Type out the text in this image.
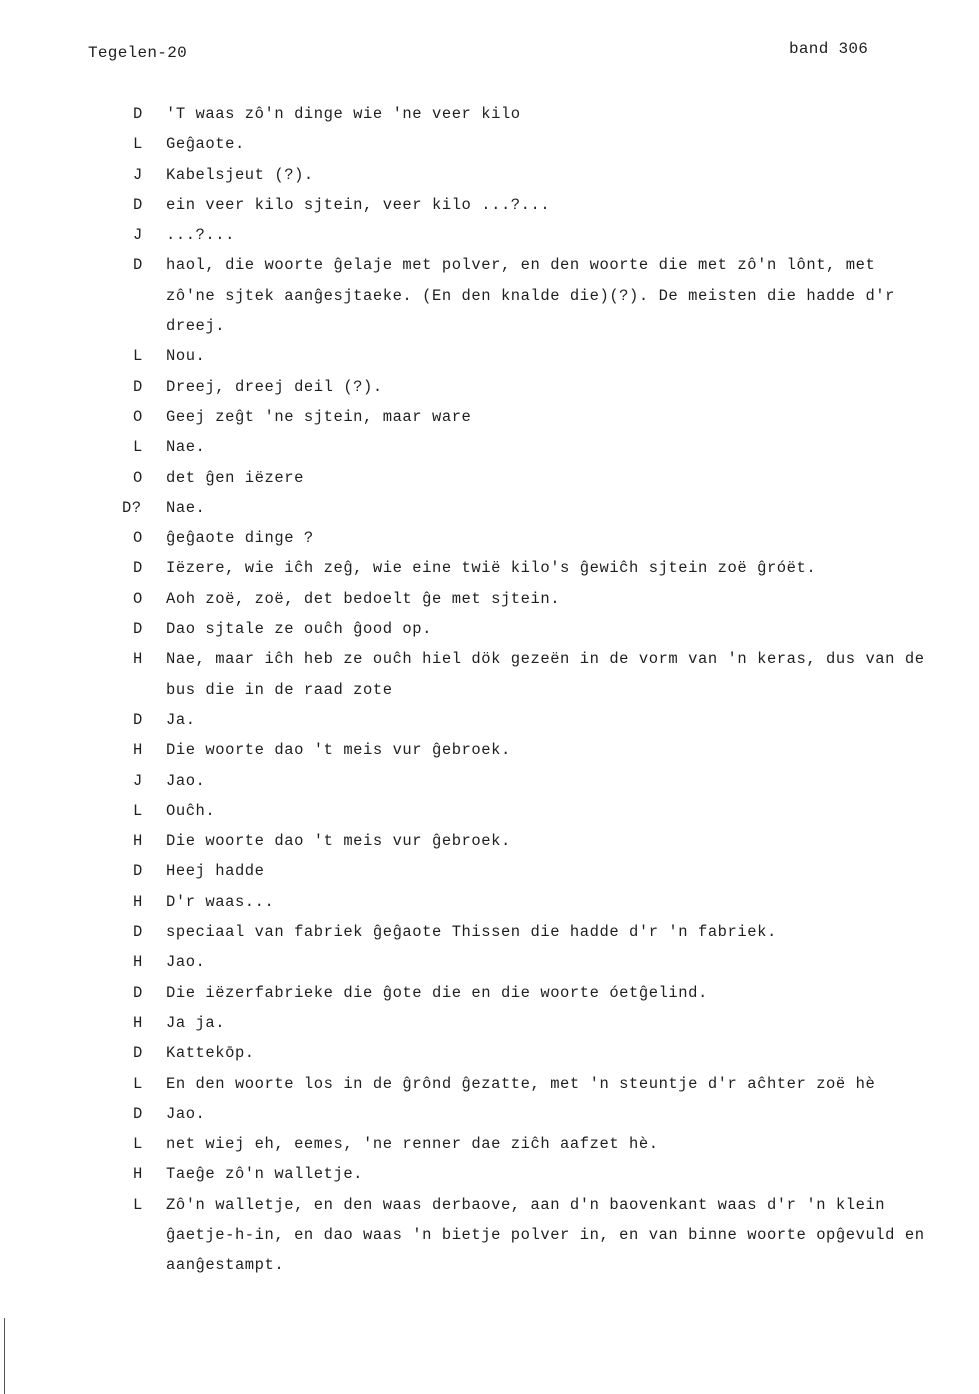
Tegelen-20	band 306
D	'T waas zô'n dinge wie 'ne veer kilo
L	Geĝaote.
J	Kabelsjeut (?).
D	ein veer kilo sjtein, veer kilo ...?...
J	...?...
D	haol, die woorte ĝelaje met polver, en den woorte die met zô'n lônt, met zô'ne sjtek aanĝesjtaeke. (En den knalde die)(?). De meisten die hadde d'r dreej.
L	Nou.
D	Dreej, dreej deil (?).
O	Geej zeĝt 'ne sjtein, maar ware
L	Nae.
O	det ĝen iëzere
D? Nae.
O	ĝeĝaote dinge ?
D	Iëzere, wie iĉh zeĝ, wie eine twië kilo's ĝewiĉh sjtein zoë ĝróët.
O	Aoh zoë, zoë, det bedoelt ĝe met sjtein.
D	Dao sjtale ze ouĉh ĝood op.
H	Nae, maar iĉh heb ze ouĉh hiel dök gezeën in de vorm van 'n keras, dus van de bus die in de raad zote
D	Ja.
H	Die woorte dao 't meis vur ĝebroek.
J	Jao.
L	Ouĉh.
H	Die woorte dao 't meis vur ĝebroek.
D	Heej hadde
H	D'r waas...
D	speciaal van fabriek ĝeĝaote Thissen die hadde d'r 'n fabriek.
H	Jao.
D	Die iëzerfabrieke die ĝote die en die woorte óetĝelind.
H	Ja ja.
D	Kattekōp.
L	En den woorte los in de ĝrônd ĝezatte, met 'n steuntje d'r aĉhter zoë hè
D	Jao.
L	net wiej eh, eemes, 'ne renner dae ziĉh aafzet hè.
H	Taeĝe zô'n walletje.
L	Zô'n walletje, en den waas derbaove, aan d'n baovenkant waas d'r 'n klein ĝaetje-h-in, en dao waas 'n bietje polver in, en van binne woorte opĝevuld en aanĝestampt.
